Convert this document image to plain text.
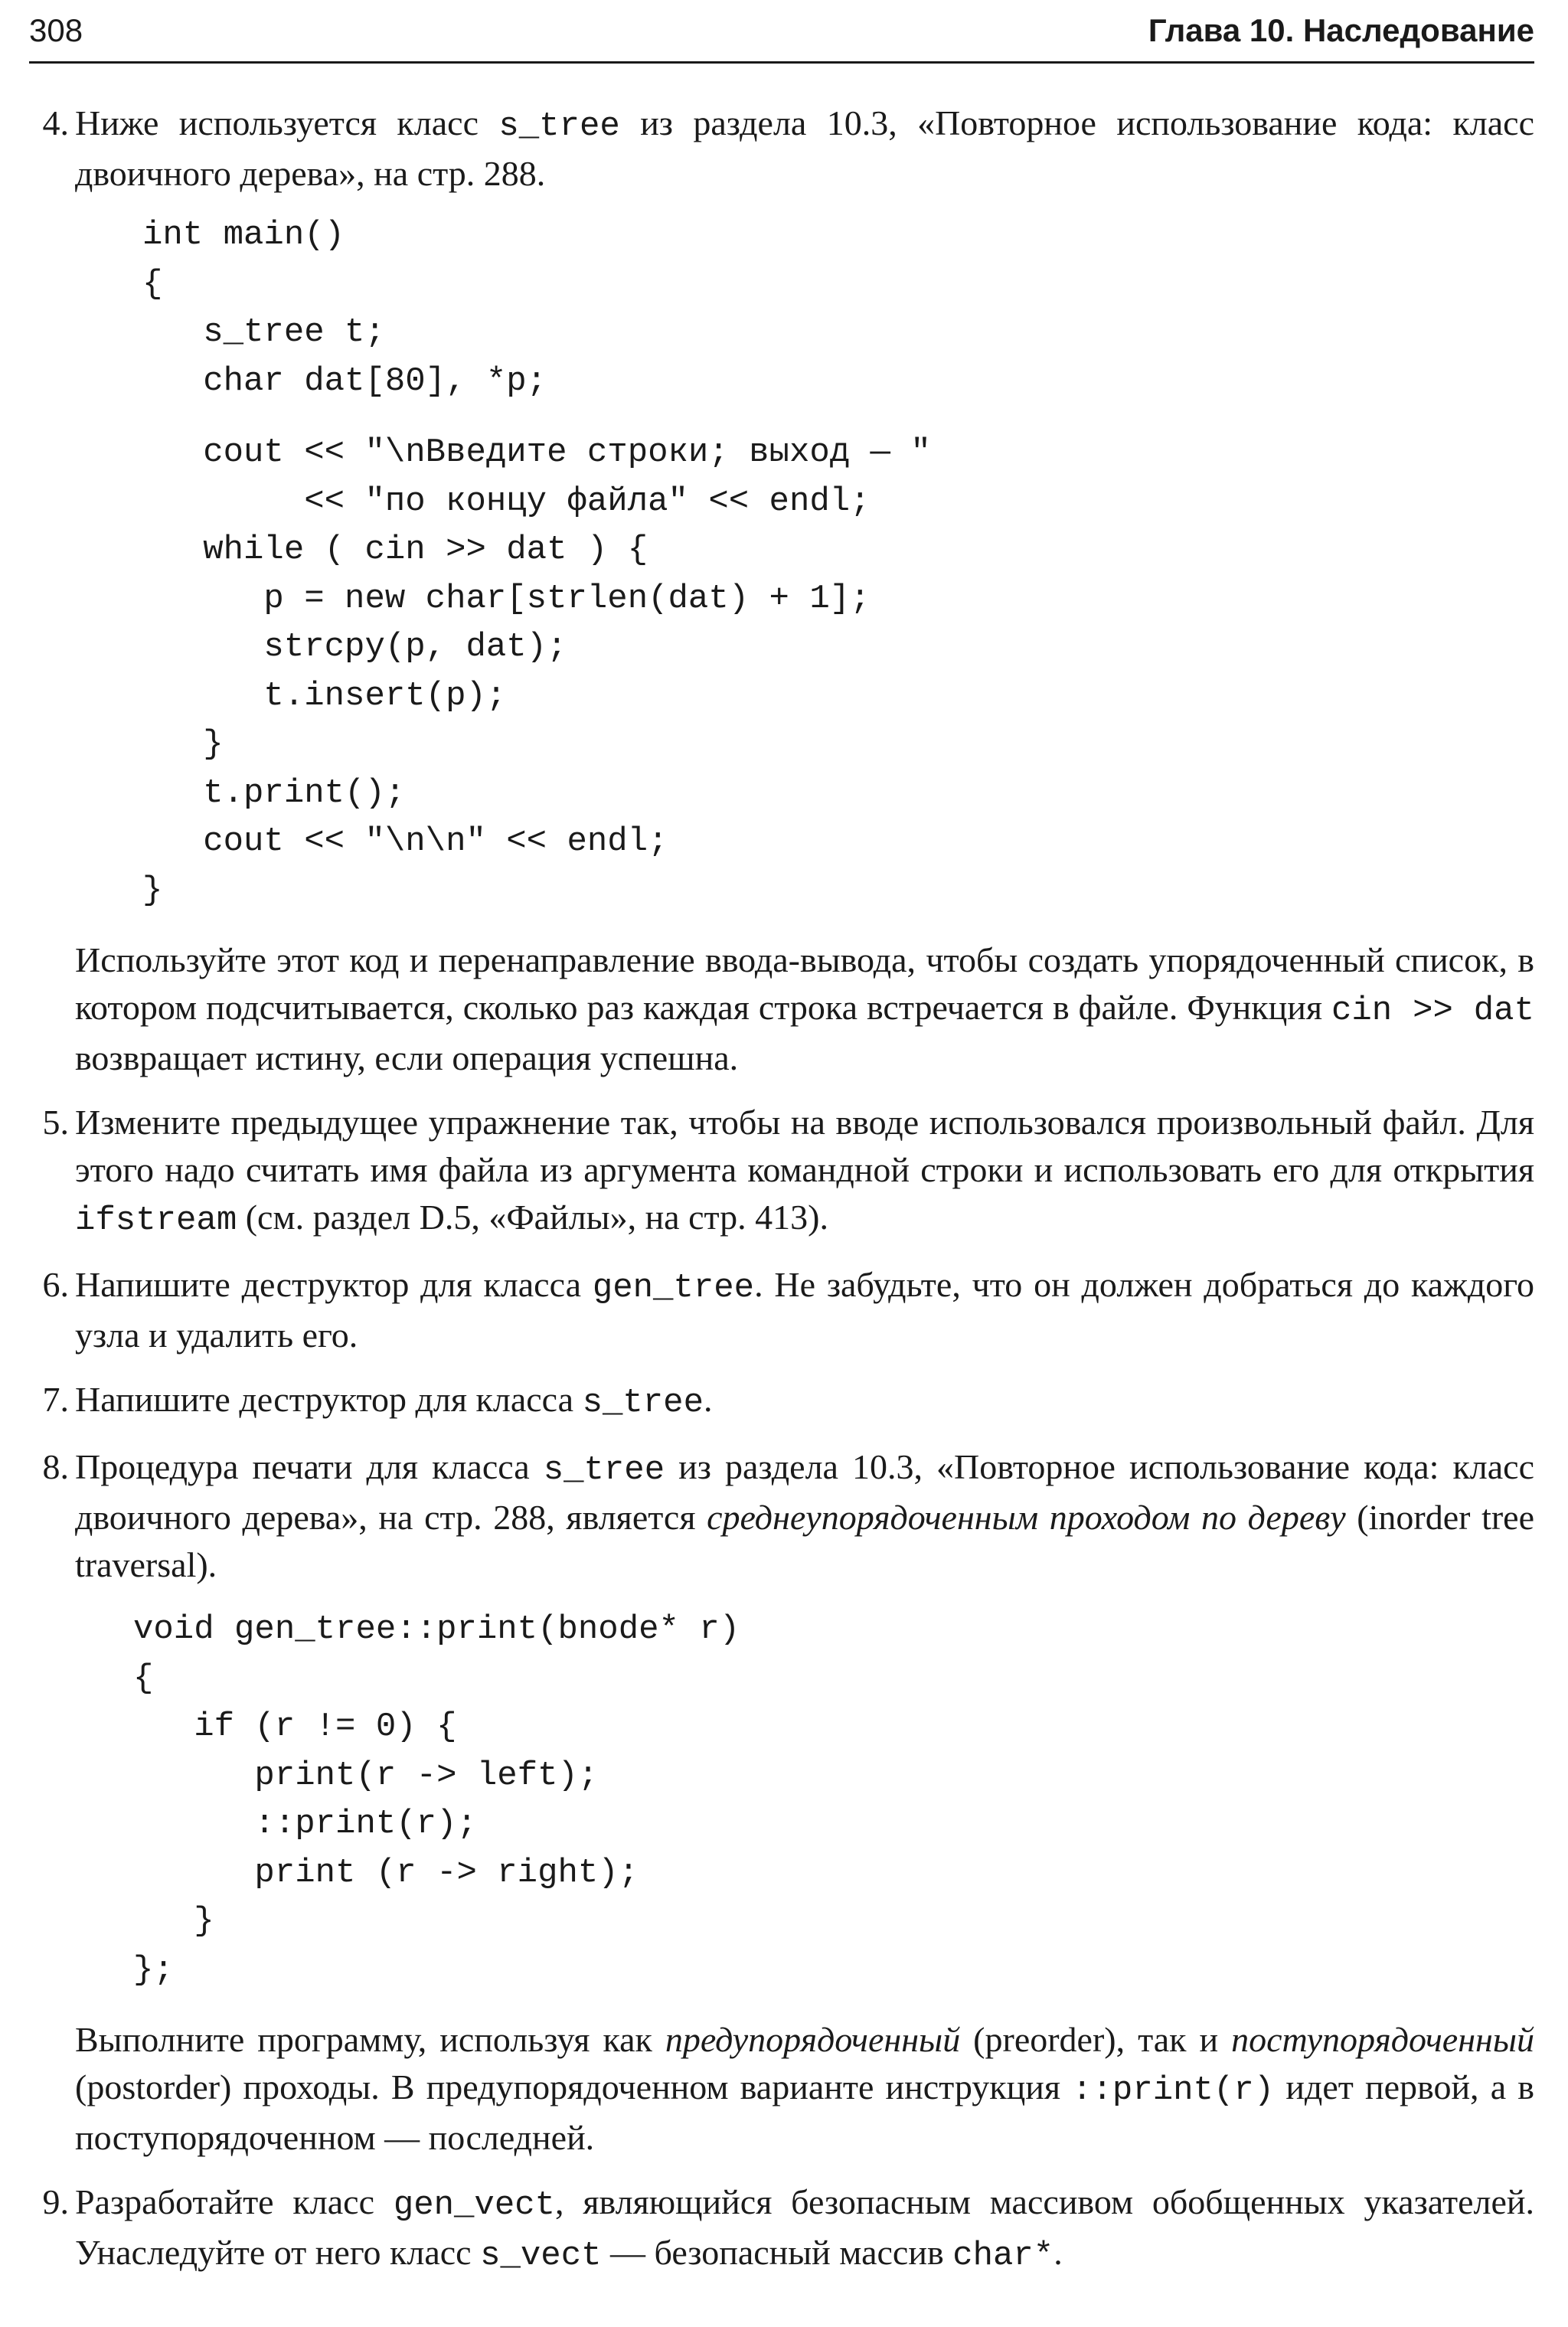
308	Глава 10. Наследование
4. Ниже используется класс s_tree из раздела 10.3, «Повторное использование кода: класс двоичного дерева», на стр. 288.

int main()
{
s_tree t;
char dat[80], *p;
cout << "\nВведите строки; выход — "
<< "по концу файла" << endl;
while ( cin >> dat ) {
p = new char[strlen(dat) + 1];
strcpy(p, dat);
t.insert(p);
}
t.print();
cout << "\n\n" << endl;
}

Используйте этот код и перенаправление ввода-вывода, чтобы создать упорядоченный список, в котором подсчитывается, сколько раз каждая строка встречается в файле. Функция cin >> dat возвращает истину, если операция успешна.

5. Измените предыдущее упражнение так, чтобы на вводе использовался произвольный файл. Для этого надо считать имя файла из аргумента командной строки и использовать его для открытия ifstream (см. раздел D.5, «Файлы», на стр. 413).

6. Напишите деструктор для класса gen_tree. Не забудьте, что он должен добраться до каждого узла и удалить его.

7. Напишите деструктор для класса s_tree.

8. Процедура печати для класса s_tree из раздела 10.3, «Повторное использование кода: класс двоичного дерева», на стр. 288, является среднеупорядоченным проходом по дереву (inorder tree traversal).

void gen_tree::print(bnode* r)
{
if (r != 0) {
print(r -> left);
::print(r);
print (r -> right);
}
};

Выполните программу, используя как предупорядоченный (preorder), так и поступорядоченный (postorder) проходы. В предупорядоченном варианте инструкция ::print(r) идет первой, а в поступорядоченном — последней.

9. Разработайте класс gen_vect, являющийся безопасным массивом обобщенных указателей. Унаследуйте от него класс s_vect — безопасный массив char*.
